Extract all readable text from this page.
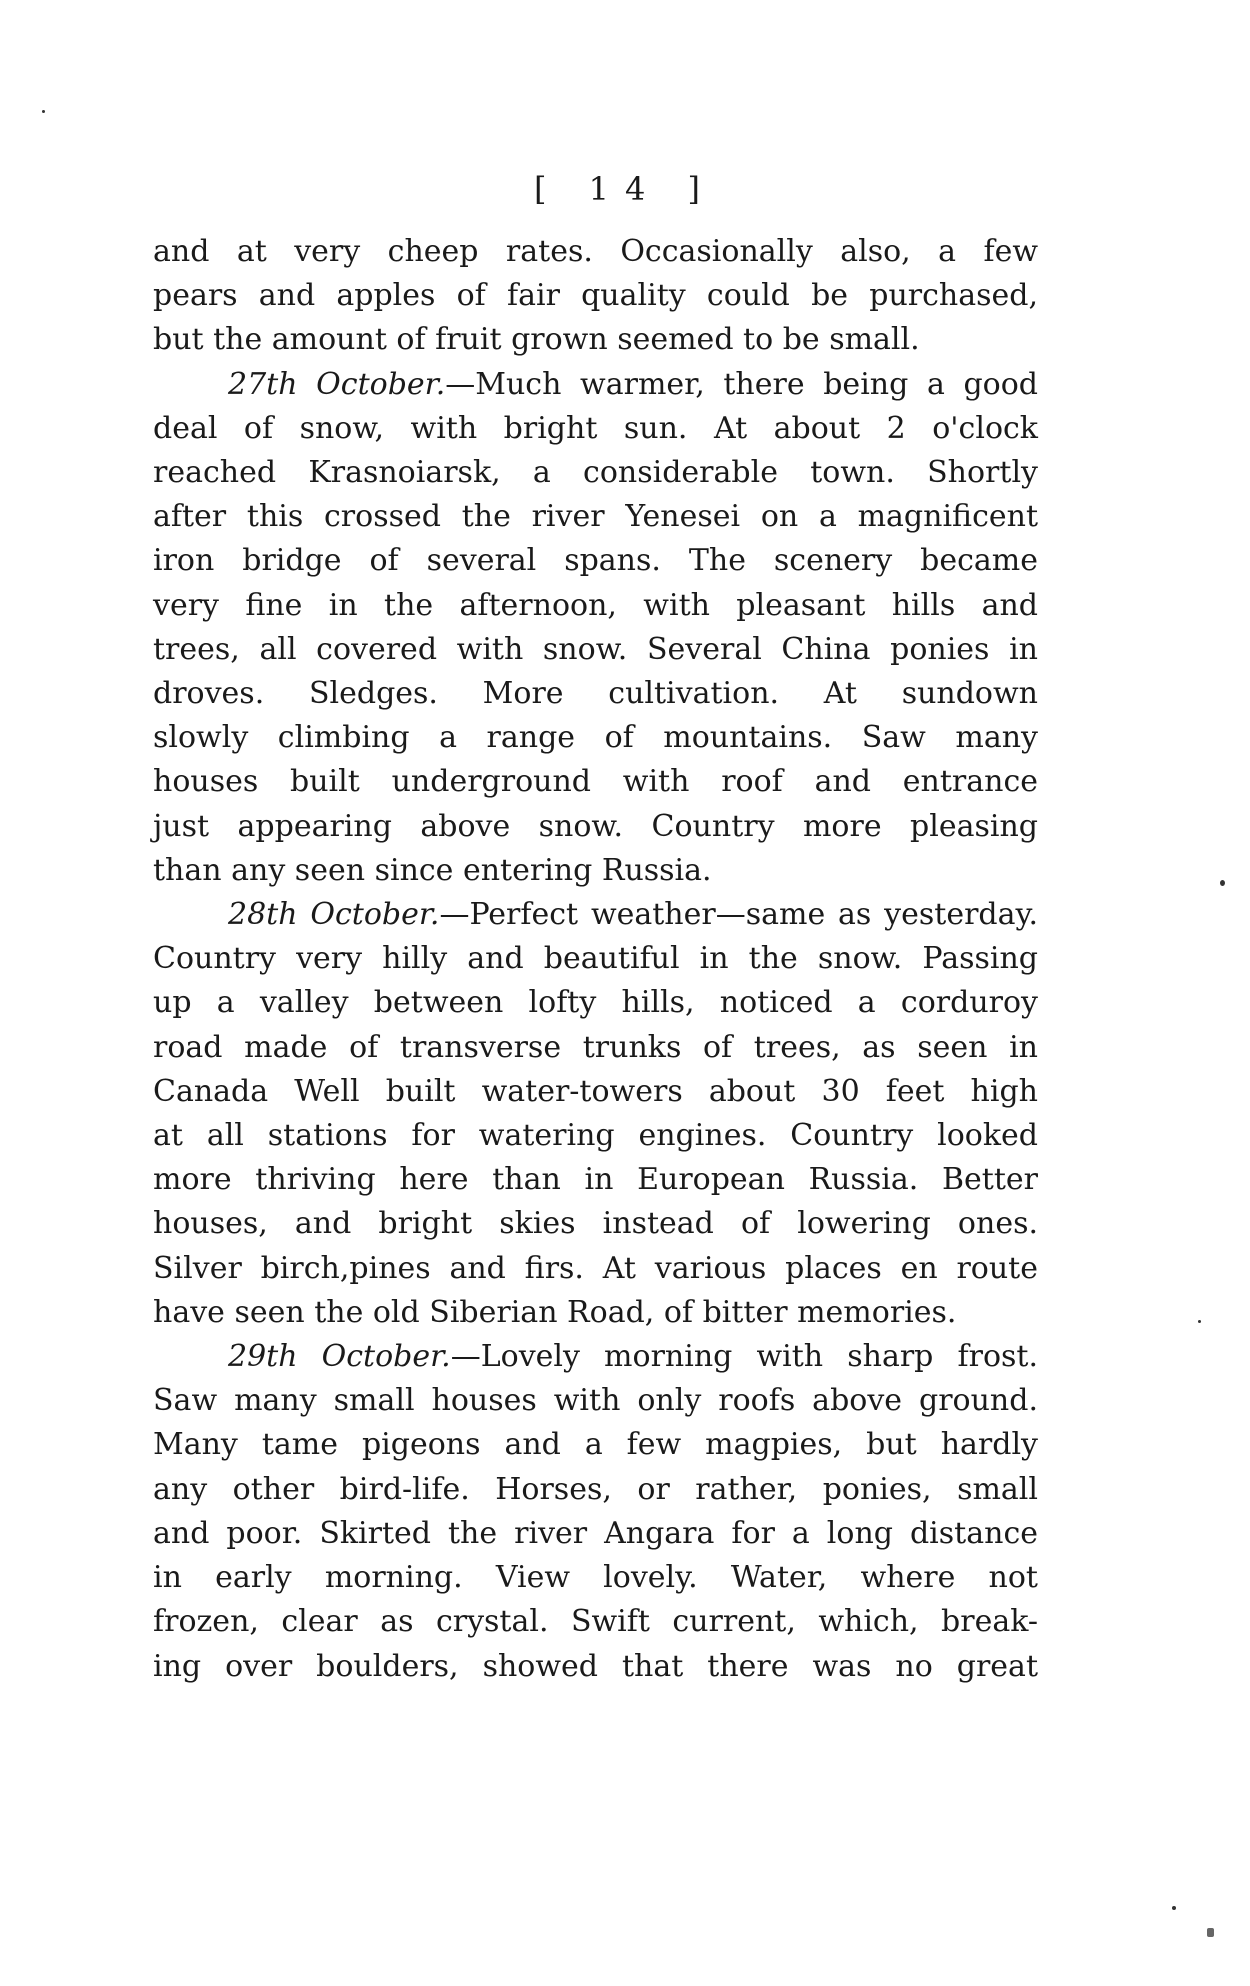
[ 14 ]

and at very cheep rates. Occasionally also, a few

pears and apples of fair quality could be purchased,

but the amount of fruit grown seemed to be small.

27th October.—Much warmer, there being a good

deal of snow, with bright sun. At about 2 o'clock

reached Krasnoiarsk, a considerable town. Shortly

after this crossed the river Yenesei on a magnificent

iron bridge of several spans. The scenery became

very fine in the afternoon, with pleasant hills and

trees, all covered with snow. Several China ponies in

droves. Sledges. More cultivation. At sundown

slowly climbing a range of mountains. Saw many

houses built underground with roof and entrance

just appearing above snow. Country more pleasing

than any seen since entering Russia.

28th October.—Perfect weather—same as yesterday.

Country very hilly and beautiful in the snow. Passing

up a valley between lofty hills, noticed a corduroy

road made of transverse trunks of trees, as seen in

Canada Well built water-towers about 30 feet high

at all stations for watering engines. Country looked

more thriving here than in European Russia. Better

houses, and bright skies instead of lowering ones.

Silver birch,pines and firs. At various places en route

have seen the old Siberian Road, of bitter memories.

29th October.—Lovely morning with sharp frost.

Saw many small houses with only roofs above ground.

Many tame pigeons and a few magpies, but hardly

any other bird-life. Horses, or rather, ponies, small

and poor. Skirted the river Angara for a long distance

in early morning. View lovely. Water, where not

frozen, clear as crystal. Swift current, which, break-

ing over boulders, showed that there was no great
